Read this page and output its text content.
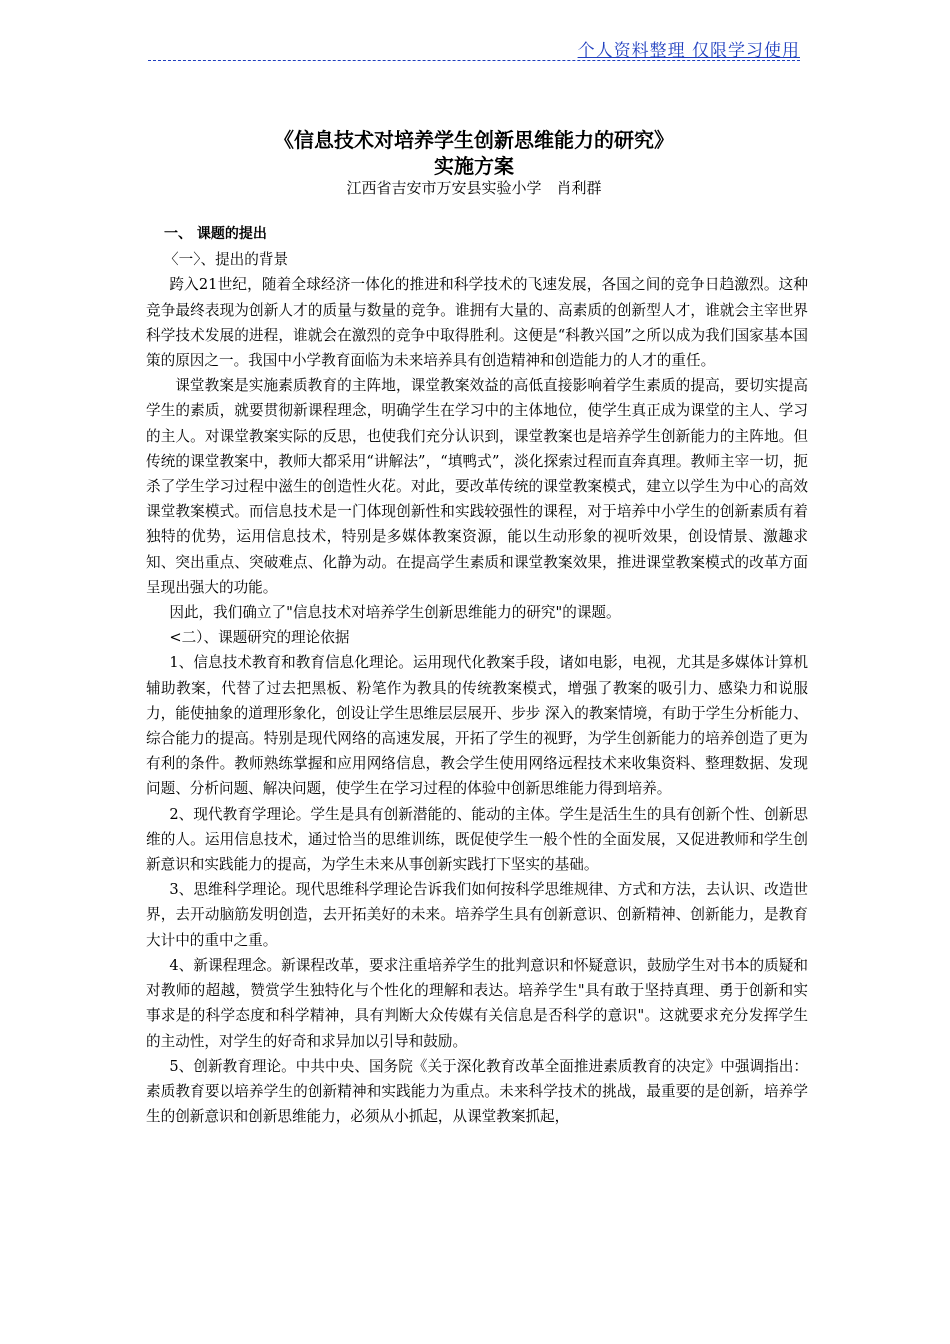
个人资料整理 仅限学习使用
《信息技术对培养学生创新思维能力的研究》
实施方案
江西省吉安市万安县实验小学　肖利群

一、 课题的提出

〈一〉、提出的背景

跨入21世纪，随着全球经济一体化的推进和科学技术的飞速发展，各国之间的竞争日趋激烈。这种竞争最终表现为创新人才的质量与数量的竞争。谁拥有大量的、高素质的创新型人才，谁就会主宰世界科学技术发展的进程，谁就会在激烈的竞争中取得胜利。这便是“科教兴国”之所以成为我们国家基本国策的原因之一。我国中小学教育面临为未来培养具有创造精神和创造能力的人才的重任。

课堂教案是实施素质教育的主阵地，课堂教案效益的高低直接影响着学生素质的提高，要切实提高学生的素质，就要贯彻新课程理念，明确学生在学习中的主体地位，使学生真正成为课堂的主人、学习的主人。对课堂教案实际的反思，也使我们充分认识到，课堂教案也是培养学生创新能力的主阵地。但传统的课堂教案中，教师大都采用“讲解法”，“填鸭式”，淡化探索过程而直奔真理。教师主宰一切，扼杀了学生学习过程中滋生的创造性火花。对此，要改革传统的课堂教案模式，建立以学生为中心的高效课堂教案模式。而信息技术是一门体现创新性和实践较强性的课程，对于培养中小学生的创新素质有着独特的优势，运用信息技术，特别是多媒体教案资源，能以生动形象的视听效果，创设情景、激趣求知、突出重点、突破难点、化静为动。在提高学生素质和课堂教案效果，推进课堂教案模式的改革方面呈现出强大的功能。

因此，我们确立了"信息技术对培养学生创新思维能力的研究"的课题。

<二）、课题研究的理论依据

1、信息技术教育和教育信息化理论。运用现代化教案手段，诸如电影，电视，尤其是多媒体计算机辅助教案，代替了过去把黑板、粉笔作为教具的传统教案模式，增强了教案的吸引力、感染力和说服力，能使抽象的道理形象化，创设让学生思维层层展开、步步 深入的教案情境，有助于学生分析能力、综合能力的提高。特别是现代网络的高速发展，开拓了学生的视野，为学生创新能力的培养创造了更为有利的条件。教师熟练掌握和应用网络信息，教会学生使用网络远程技术来收集资料、整理数据、发现问题、分析问题、解决问题，使学生在学习过程的体验中创新思维能力得到培养。

2、现代教育学理论。学生是具有创新潜能的、能动的主体。学生是活生生的具有创新个性、创新思维的人。运用信息技术，通过恰当的思维训练，既促使学生一般个性的全面发展，又促进教师和学生创新意识和实践能力的提高，为学生未来从事创新实践打下坚实的基础。

3、思维科学理论。现代思维科学理论告诉我们如何按科学思维规律、方式和方法，去认识、改造世界，去开动脑筋发明创造，去开拓美好的未来。培养学生具有创新意识、创新精神、创新能力，是教育大计中的重中之重。

4、新课程理念。新课程改革，要求注重培养学生的批判意识和怀疑意识，鼓励学生对书本的质疑和对教师的超越，赞赏学生独特化与个性化的理解和表达。培养学生"具有敢于坚持真理、勇于创新和实事求是的科学态度和科学精神，具有判断大众传媒有关信息是否科学的意识"。这就要求充分发挥学生的主动性，对学生的好奇和求异加以引导和鼓励。

5、创新教育理论。中共中央、国务院《关于深化教育改革全面推进素质教育的决定》中强调指出：素质教育要以培养学生的创新精神和实践能力为重点。未来科学技术的挑战，最重要的是创新，培养学生的创新意识和创新思维能力，必须从小抓起，从课堂教案抓起，
